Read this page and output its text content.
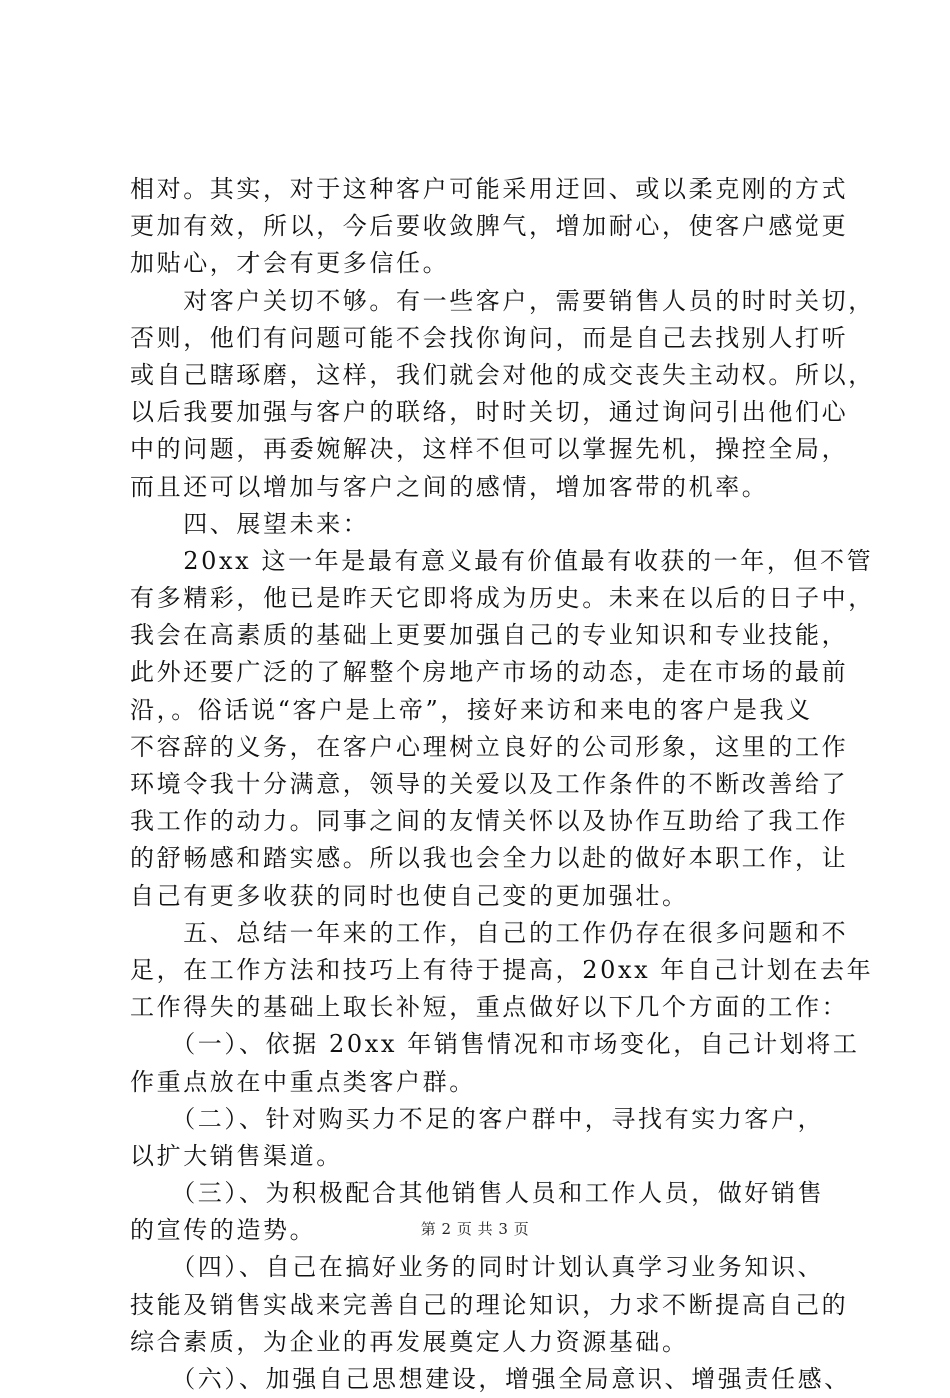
相对。其实，对于这种客户可能采用迂回、或以柔克刚的方式
更加有效，所以，今后要收敛脾气，增加耐心，使客户感觉更
加贴心，才会有更多信任。
　　对客户关切不够。有一些客户，需要销售人员的时时关切，
否则，他们有问题可能不会找你询问，而是自己去找别人打听
或自己瞎琢磨，这样，我们就会对他的成交丧失主动权。所以，
以后我要加强与客户的联络，时时关切，通过询问引出他们心
中的问题，再委婉解决，这样不但可以掌握先机，操控全局，
而且还可以增加与客户之间的感情，增加客带的机率。
　　四、展望未来：
　　20xx 这一年是最有意义最有价值最有收获的一年，但不管
有多精彩，他已是昨天它即将成为历史。未来在以后的日子中，
我会在高素质的基础上更要加强自己的专业知识和专业技能，
此外还要广泛的了解整个房地产市场的动态，走在市场的最前
沿，。俗话说“客户是上帝”，接好来访和来电的客户是我义
不容辞的义务，在客户心理树立良好的公司形象，这里的工作
环境令我十分满意，领导的关爱以及工作条件的不断改善给了
我工作的动力。同事之间的友情关怀以及协作互助给了我工作
的舒畅感和踏实感。所以我也会全力以赴的做好本职工作，让
自己有更多收获的同时也使自己变的更加强壮。
　　五、总结一年来的工作，自己的工作仍存在很多问题和不
足，在工作方法和技巧上有待于提高，20xx 年自己计划在去年
工作得失的基础上取长补短，重点做好以下几个方面的工作：
　　（一）、依据 20xx 年销售情况和市场变化，自己计划将工
作重点放在中重点类客户群。
　　（二）、针对购买力不足的客户群中，寻找有实力客户，
以扩大销售渠道。
　　（三）、为积极配合其他销售人员和工作人员，做好销售
的宣传的造势。
　　（四）、自己在搞好业务的同时计划认真学习业务知识、
技能及销售实战来完善自己的理论知识，力求不断提高自己的
综合素质，为企业的再发展奠定人力资源基础。
　　（六）、加强自己思想建设，增强全局意识、增强责任感、
第 2 页 共 3 页
